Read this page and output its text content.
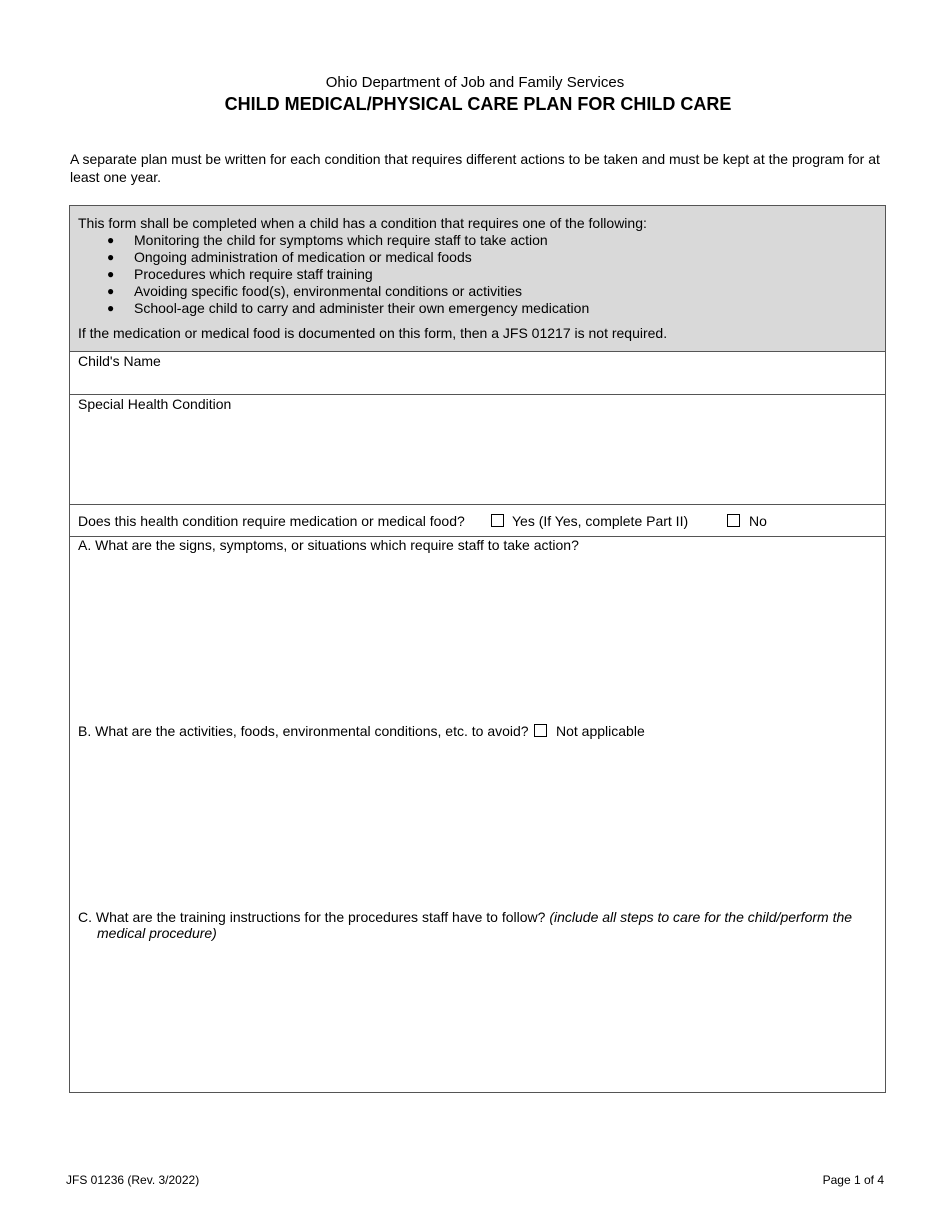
Ohio Department of Job and Family Services
CHILD MEDICAL/PHYSICAL CARE PLAN FOR CHILD CARE
A separate plan must be written for each condition that requires different actions to be taken and must be kept at the program for at least one year.
This form shall be completed when a child has a condition that requires one of the following:
● Monitoring the child for symptoms which require staff to take action
● Ongoing administration of medication or medical foods
● Procedures which require staff training
● Avoiding specific food(s), environmental conditions or activities
● School-age child to carry and administer their own emergency medication
If the medication or medical food is documented on this form, then a JFS 01217 is not required.
Child's Name
Special Health Condition
Does this health condition require medication or medical food?	Yes (If Yes, complete Part II)	No
A. What are the signs, symptoms, or situations which require staff to take action?
B. What are the activities, foods, environmental conditions, etc. to avoid? Not applicable
C. What are the training instructions for the procedures staff have to follow? (include all steps to care for the child/perform the
medical procedure)
JFS 01236 (Rev. 3/2022)	Page 1 of 4
